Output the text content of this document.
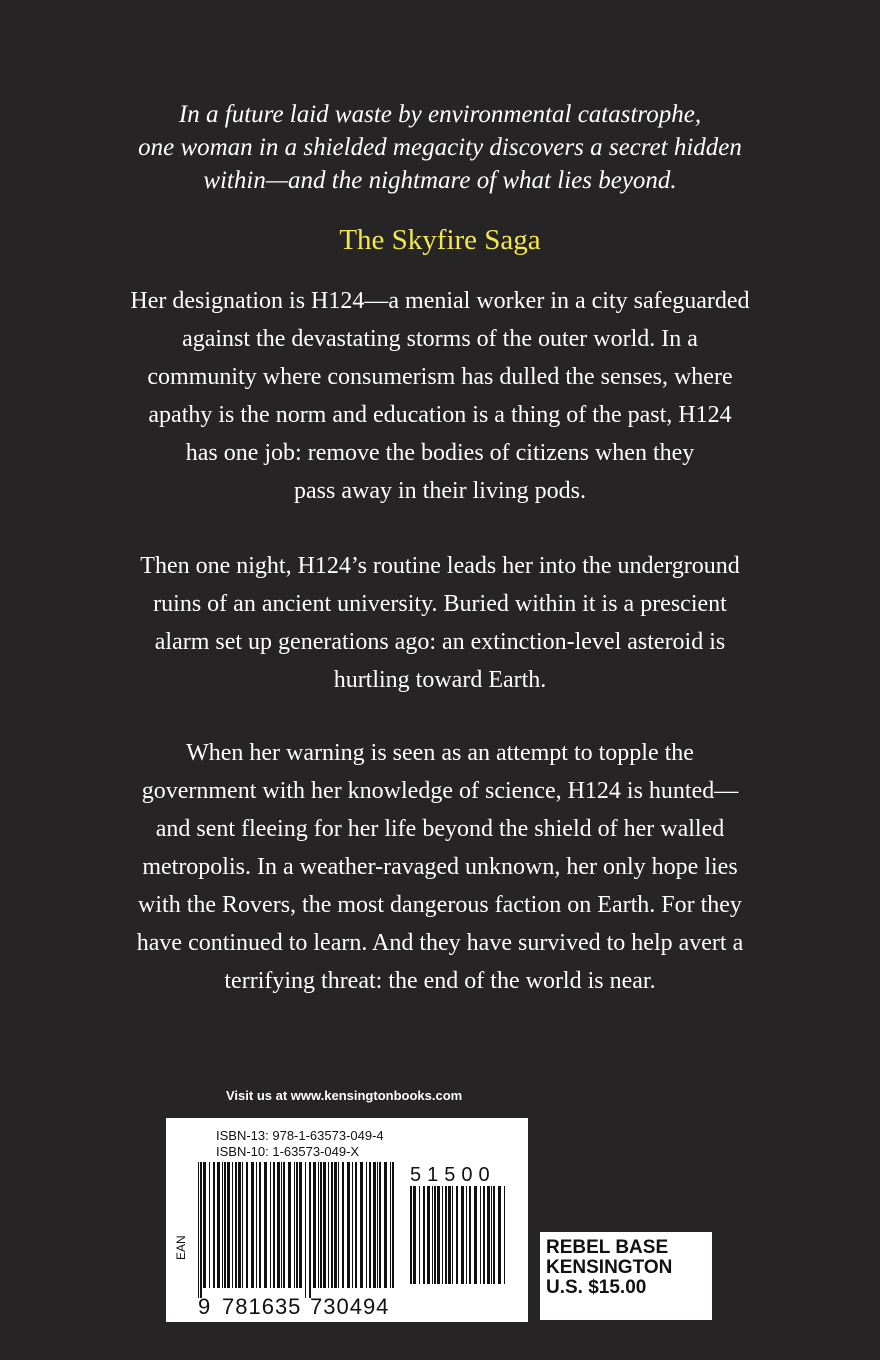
In a future laid waste by environmental catastrophe,
one woman in a shielded megacity discovers a secret hidden
within—and the nightmare of what lies beyond.
The Skyfire Saga
Her designation is H124—a menial worker in a city safeguarded
against the devastating storms of the outer world. In a
community where consumerism has dulled the senses, where
apathy is the norm and education is a thing of the past, H124
has one job: remove the bodies of citizens when they
pass away in their living pods.
Then one night, H124’s routine leads her into the underground
ruins of an ancient university. Buried within it is a prescient
alarm set up generations ago: an extinction-level asteroid is
hurtling toward Earth.
When her warning is seen as an attempt to topple the
government with her knowledge of science, H124 is hunted—
and sent fleeing for her life beyond the shield of her walled
metropolis. In a weather-ravaged unknown, her only hope lies
with the Rovers, the most dangerous faction on Earth. For they
have continued to learn. And they have survived to help avert a
terrifying threat: the end of the world is near.
Visit us at www.kensingtonbooks.com
ISBN-13: 978-1-63573-049-4
ISBN-10: 1-63573-049-X
EAN
51500
9 781635 730494
REBEL BASE
KENSINGTON
U.S. $15.00
